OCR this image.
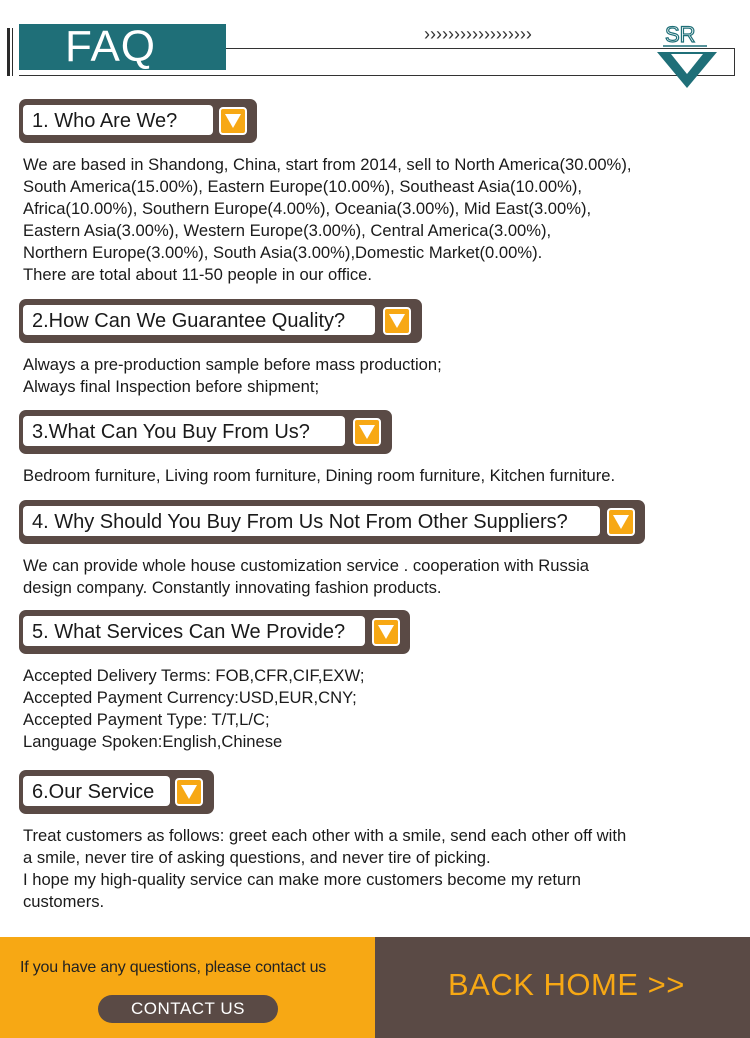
FAQ	››››››››››››››››››	SR
1. Who Are We?
We are based in Shandong, China, start from 2014, sell to North America(30.00%),
South America(15.00%), Eastern Europe(10.00%), Southeast Asia(10.00%),
Africa(10.00%), Southern Europe(4.00%), Oceania(3.00%), Mid East(3.00%),
Eastern Asia(3.00%), Western Europe(3.00%), Central America(3.00%),
Northern Europe(3.00%), South Asia(3.00%),Domestic Market(0.00%).
There are total about 11-50 people in our office.
2.How Can We Guarantee Quality?
Always a pre-production sample before mass production;
Always final Inspection before shipment;
3.What Can You Buy From Us?
Bedroom furniture, Living room furniture, Dining room furniture, Kitchen furniture.
4. Why Should You Buy From Us Not From Other Suppliers?
We can provide whole house customization service . cooperation with Russia
design company. Constantly innovating fashion products.
5. What Services Can We Provide?
Accepted Delivery Terms: FOB,CFR,CIF,EXW;
Accepted Payment Currency:USD,EUR,CNY;
Accepted Payment Type: T/T,L/C;
Language Spoken:English,Chinese
6.Our Service
Treat customers as follows: greet each other with a smile, send each other off with
a smile, never tire of asking questions, and never tire of picking.
I hope my high-quality service can make more customers become my return
customers.
If you have any questions, please contact us
CONTACT US
BACK HOME >>
